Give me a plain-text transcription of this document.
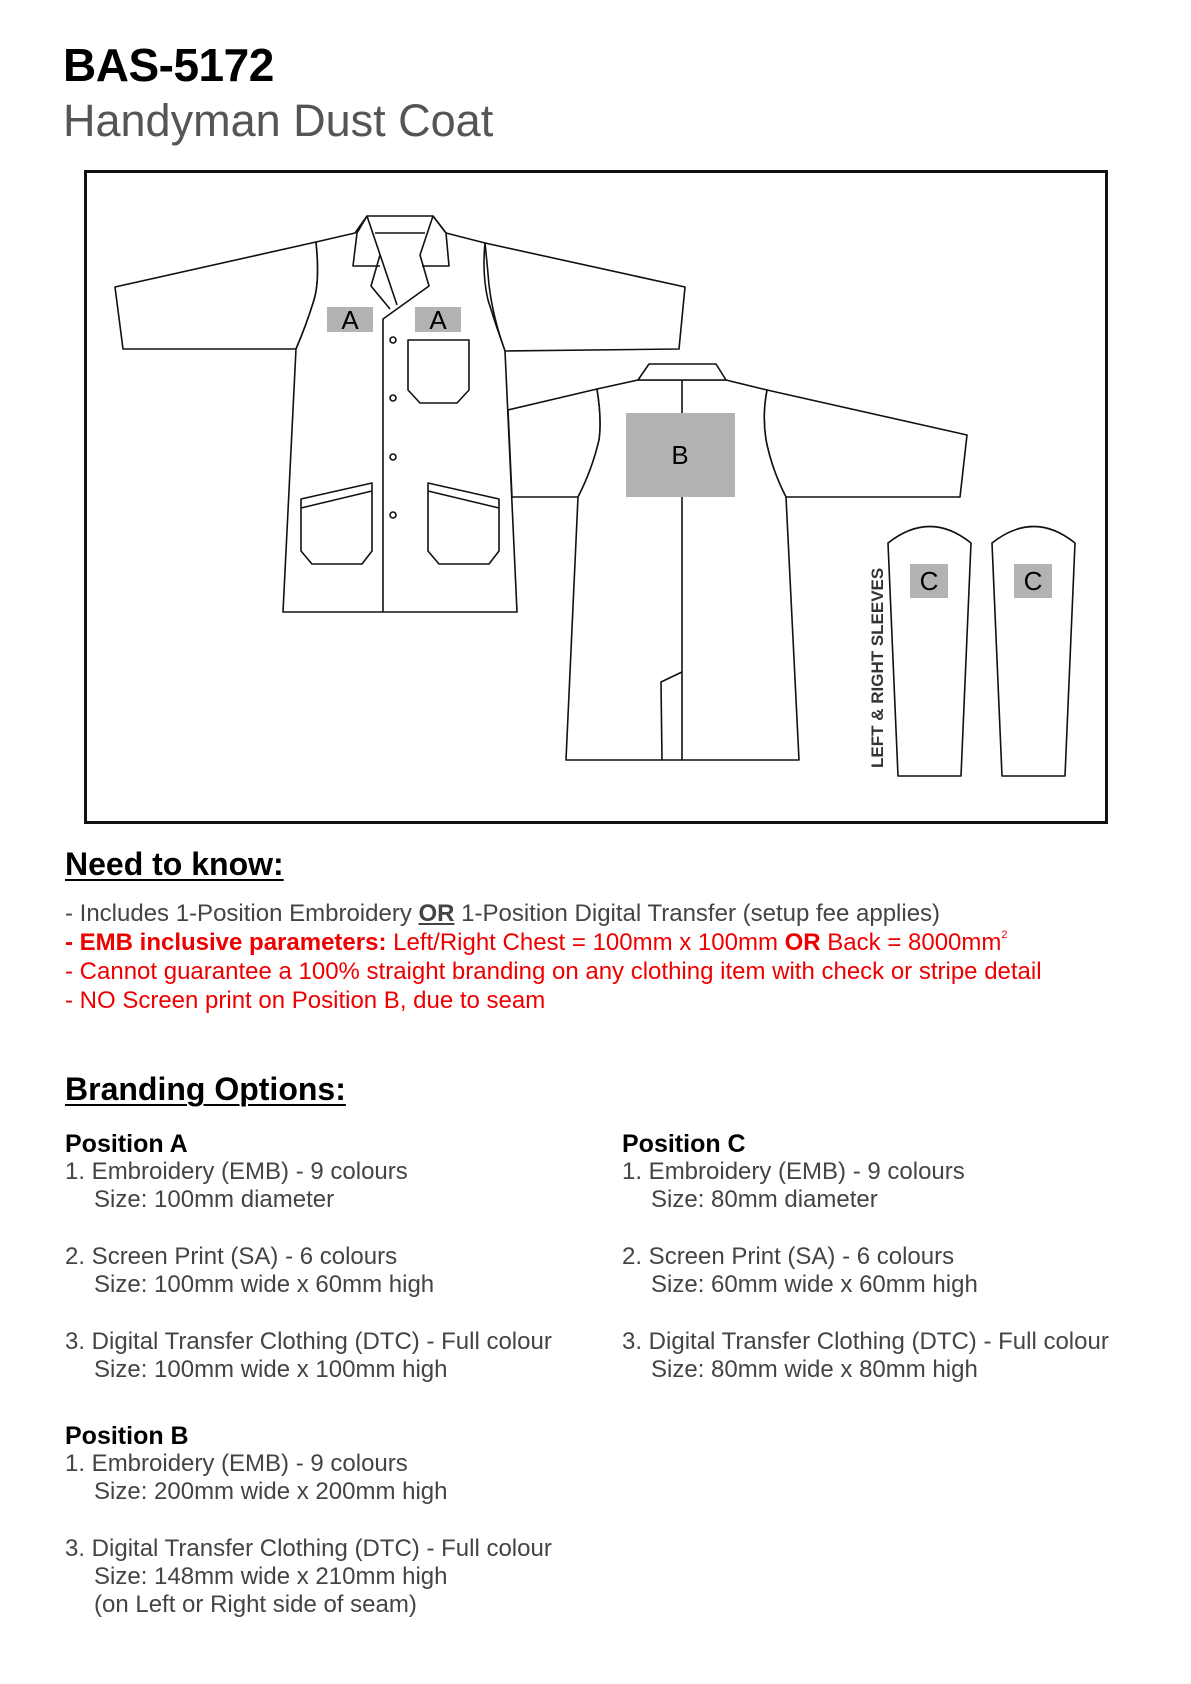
BAS-5172
Handyman Dust Coat
A	A
B
LEFT & RIGHT SLEEVES C	C
Need to know:
- Includes 1-Position Embroidery OR 1-Position Digital Transfer (setup fee applies)
- EMB inclusive parameters: Left/Right Chest = 100mm x 100mm OR Back = $8000mm^2$
- Cannot guarantee a 100% straight branding on any clothing item with check or stripe detail
- NO Screen print on Position B, due to seam
Branding Options:
Position A
1. Embroidery (EMB) - 9 colours
Size: 100mm diameter
2. Screen Print (SA) - 6 colours
Size: 100mm wide x 60mm high
3. Digital Transfer Clothing (DTC) - Full colour
Size: 100mm wide x 100mm high
Position B
1. Embroidery (EMB) - 9 colours
Size: 200mm wide x 200mm high
3. Digital Transfer Clothing (DTC) - Full colour
Size: 148mm wide x 210mm high
(on Left or Right side of seam)
Position C
1. Embroidery (EMB) - 9 colours
Size: 80mm diameter
2. Screen Print (SA) - 6 colours
Size: 60mm wide x 60mm high
3. Digital Transfer Clothing (DTC) - Full colour
Size: 80mm wide x 80mm high
